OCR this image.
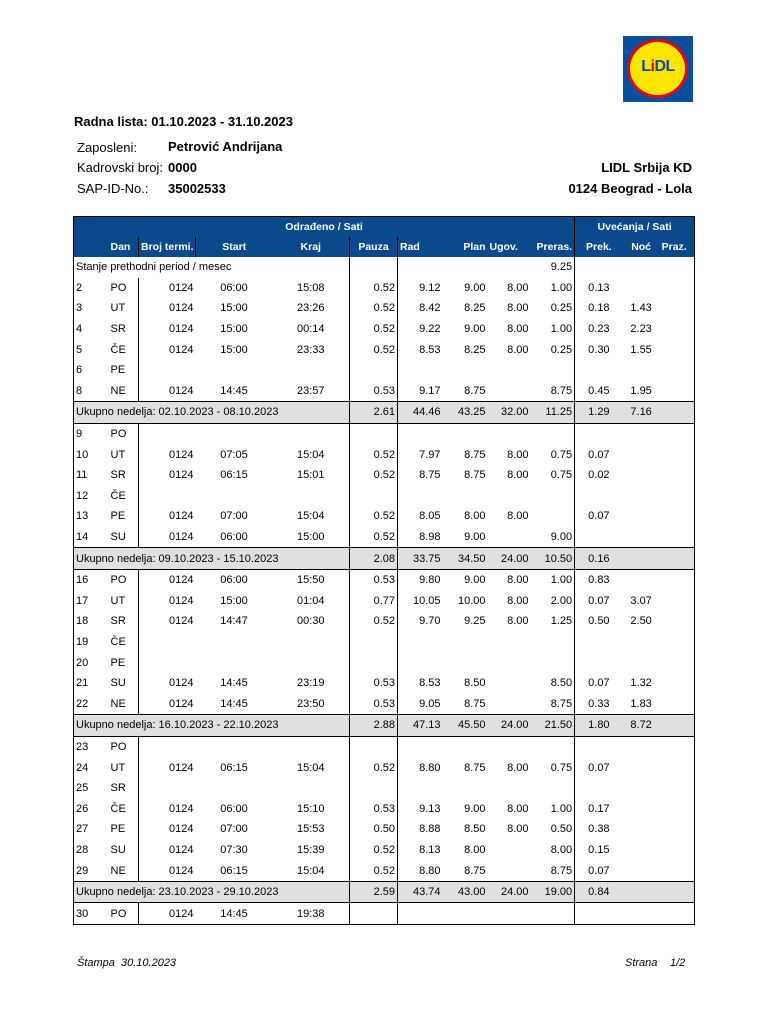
LiDL
Radna lista: 01.10.2023 - 31.10.2023
Zaposleni: Petrović Andrijana
Kadrovski broj: 0000
SAP-ID-No.: 35002533
LIDL Srbija KD
0124 Beograd - Lola
Odrađeno / Sati										Uvećanja / Sati		
	Dan	Broj termi.	Start	Kraj	Pauza	Rad	Plan	Ugov.	Preras.	Prek.	Noć	Praz.
Stanje prethodni period / mesec									9.25			
2	PO	0124	06:00	15:08	0.52	9.12	9.00	8.00	1.00	0.13		
3	UT	0124	15:00	23:26	0.52	8.42	8.25	8.00	0.25	0.18	1.43	
4	SR	0124	15:00	00:14	0.52	9.22	9.00	8.00	1.00	0.23	2.23	
5	ČE	0124	15:00	23:33	0.52	8.53	8.25	8.00	0.25	0.30	1.55	
6	PE											
8	NE	0124	14:45	23:57	0.53	9.17	8.75		8.75	0.45	1.95	
Ukupno nedelja: 02.10.2023 - 08.10.2023					2.61	44.46	43.25	32.00	11.25	1.29	7.16	
9	PO											
10	UT	0124	07:05	15:04	0.52	7.97	8.75	8.00	0.75	0.07		
11	SR	0124	06:15	15:01	0.52	8.75	8.75	8.00	0.75	0.02		
12	ČE											
13	PE	0124	07:00	15:04	0.52	8.05	8.00	8.00		0.07		
14	SU	0124	06:00	15:00	0.52	8.98	9.00		9.00			
Ukupno nedelja: 09.10.2023 - 15.10.2023					2.08	33.75	34.50	24.00	10.50	0.16		
16	PO	0124	06:00	15:50	0.53	9.80	9.00	8.00	1.00	0.83		
17	UT	0124	15:00	01:04	0.77	10.05	10.00	8.00	2.00	0.07	3.07	
18	SR	0124	14:47	00:30	0.52	9.70	9.25	8.00	1.25	0.50	2.50	
19	ČE											
20	PE											
21	SU	0124	14:45	23:19	0.53	8.53	8.50		8.50	0.07	1.32	
22	NE	0124	14:45	23:50	0.53	9.05	8.75		8.75	0.33	1.83	
Ukupno nedelja: 16.10.2023 - 22.10.2023					2.88	47.13	45.50	24.00	21.50	1.80	8.72	
23	PO											
24	UT	0124	06:15	15:04	0.52	8.80	8.75	8.00	0.75	0.07		
25	SR											
26	ČE	0124	06:00	15:10	0.53	9.13	9.00	8.00	1.00	0.17		
27	PE	0124	07:00	15:53	0.50	8.88	8.50	8.00	0.50	0.38		
28	SU	0124	07:30	15:39	0.52	8.13	8.00		8.00	0.15		
29	NE	0124	06:15	15:04	0.52	8.80	8.75		8.75	0.07		
Ukupno nedelja: 23.10.2023 - 29.10.2023					2.59	43.74	43.00	24.00	19.00	0.84		
30	PO	0124	14:45	19:38								
Štampa 30.10.2023	Strana 1/2
